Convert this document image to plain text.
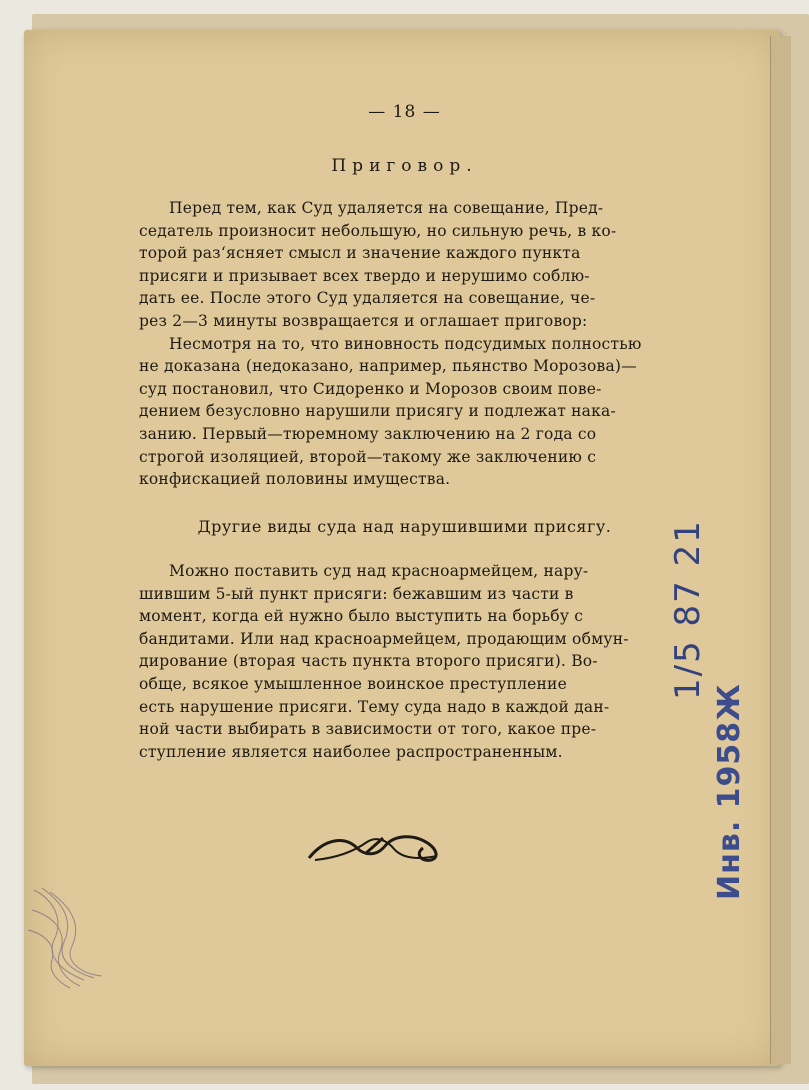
— 18 —
Приговор.
Перед тем, как Суд удаляется на совещание, Пред-
седатель произносит небольшую, но сильную речь, в ко-
торой раз‘ясняет смысл и значение каждого пункта
присяги и призывает всех твердо и нерушимо соблю-
дать ее. После этого Суд удаляется на совещание, че-
рез 2—3 минуты возвращается и оглашает приговор:
Несмотря на то, что виновность подсудимых полностью
не доказана (недоказано, например, пьянство Морозова)—
суд постановил, что Сидоренко и Морозов своим пове-
дением безусловно нарушили присягу и подлежат нака-
занию. Первый—тюремному заключению на 2 года со
строгой изоляцией, второй—такому же заключению с
конфискацией половины имущества.
Другие виды суда над нарушившими присягу.
Можно поставить суд над красноармейцем, нару-
шившим 5-ый пункт присяги: бежавшим из части в
момент, когда ей нужно было выступить на борьбу с
бандитами. Или над красноармейцем, продающим обмун-
дирование (вторая часть пункта второго присяги). Во-
обще, всякое умышленное воинское преступление
есть нарушение присяги. Тему суда надо в каждой дан-
ной части выбирать в зависимости от того, какое пре-
ступление является наиболее распространенным.
1/5 87 21
Инв. 1958Ж
